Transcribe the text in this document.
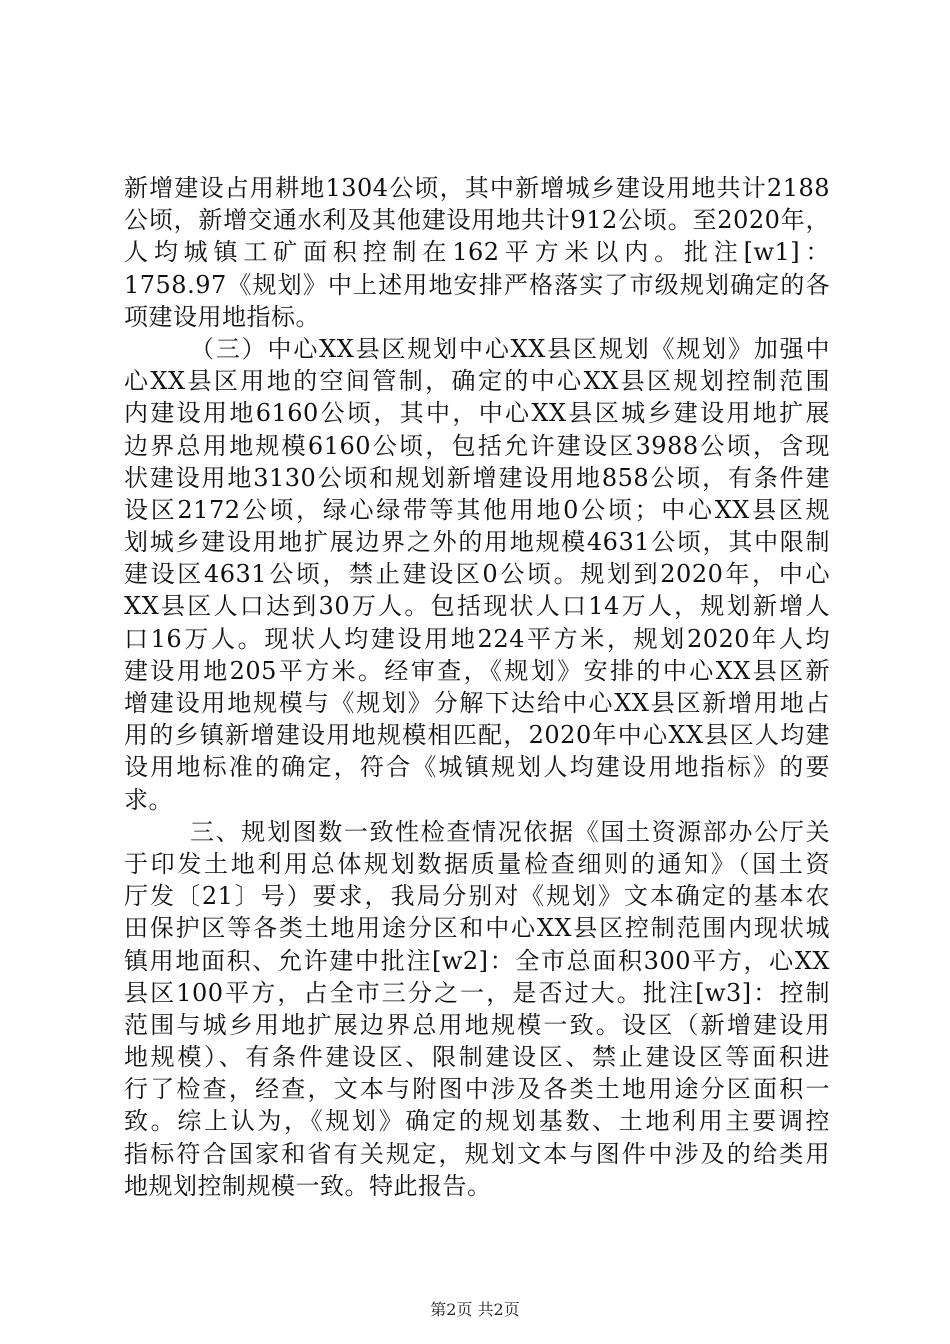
新增建设占用耕地1304公顷，其中新增城乡建设用地共计2188
公顷，新增交通水利及其他建设用地共计912公顷。至2020年，
人均城镇工矿面积控制在162平方米以内。批注[w1]：
1758.97《规划》中上述用地安排严格落实了市级规划确定的各
项建设用地指标。
（三）中心XX县区规划中心XX县区规划《规划》加强中
心XX县区用地的空间管制，确定的中心XX县区规划控制范围
内建设用地6160公顷，其中，中心XX县区城乡建设用地扩展
边界总用地规模6160公顷，包括允许建设区3988公顷，含现
状建设用地3130公顷和规划新增建设用地858公顷，有条件建
设区2172公顷，绿心绿带等其他用地0公顷；中心XX县区规
划城乡建设用地扩展边界之外的用地规模4631公顷，其中限制
建设区4631公顷，禁止建设区0公顷。规划到2020年，中心
XX县区人口达到30万人。包括现状人口14万人，规划新增人
口16万人。现状人均建设用地224平方米，规划2020年人均
建设用地205平方米。经审查，《规划》安排的中心XX县区新
增建设用地规模与《规划》分解下达给中心XX县区新增用地占
用的乡镇新增建设用地规模相匹配，2020年中心XX县区人均建
设用地标准的确定，符合《城镇规划人均建设用地指标》的要
求。
三、规划图数一致性检查情况依据《国土资源部办公厅关
于印发土地利用总体规划数据质量检查细则的通知》（国土资
厅发〔21〕号）要求，我局分别对《规划》文本确定的基本农
田保护区等各类土地用途分区和中心XX县区控制范围内现状城
镇用地面积、允许建中批注[w2]：全市总面积300平方，心XX
县区100平方，占全市三分之一，是否过大。批注[w3]：控制
范围与城乡用地扩展边界总用地规模一致。设区（新增建设用
地规模）、有条件建设区、限制建设区、禁止建设区等面积进
行了检查，经查，文本与附图中涉及各类土地用途分区面积一
致。综上认为，《规划》确定的规划基数、土地利用主要调控
指标符合国家和省有关规定，规划文本与图件中涉及的给类用
地规划控制规模一致。特此报告。
第2页 共2页
